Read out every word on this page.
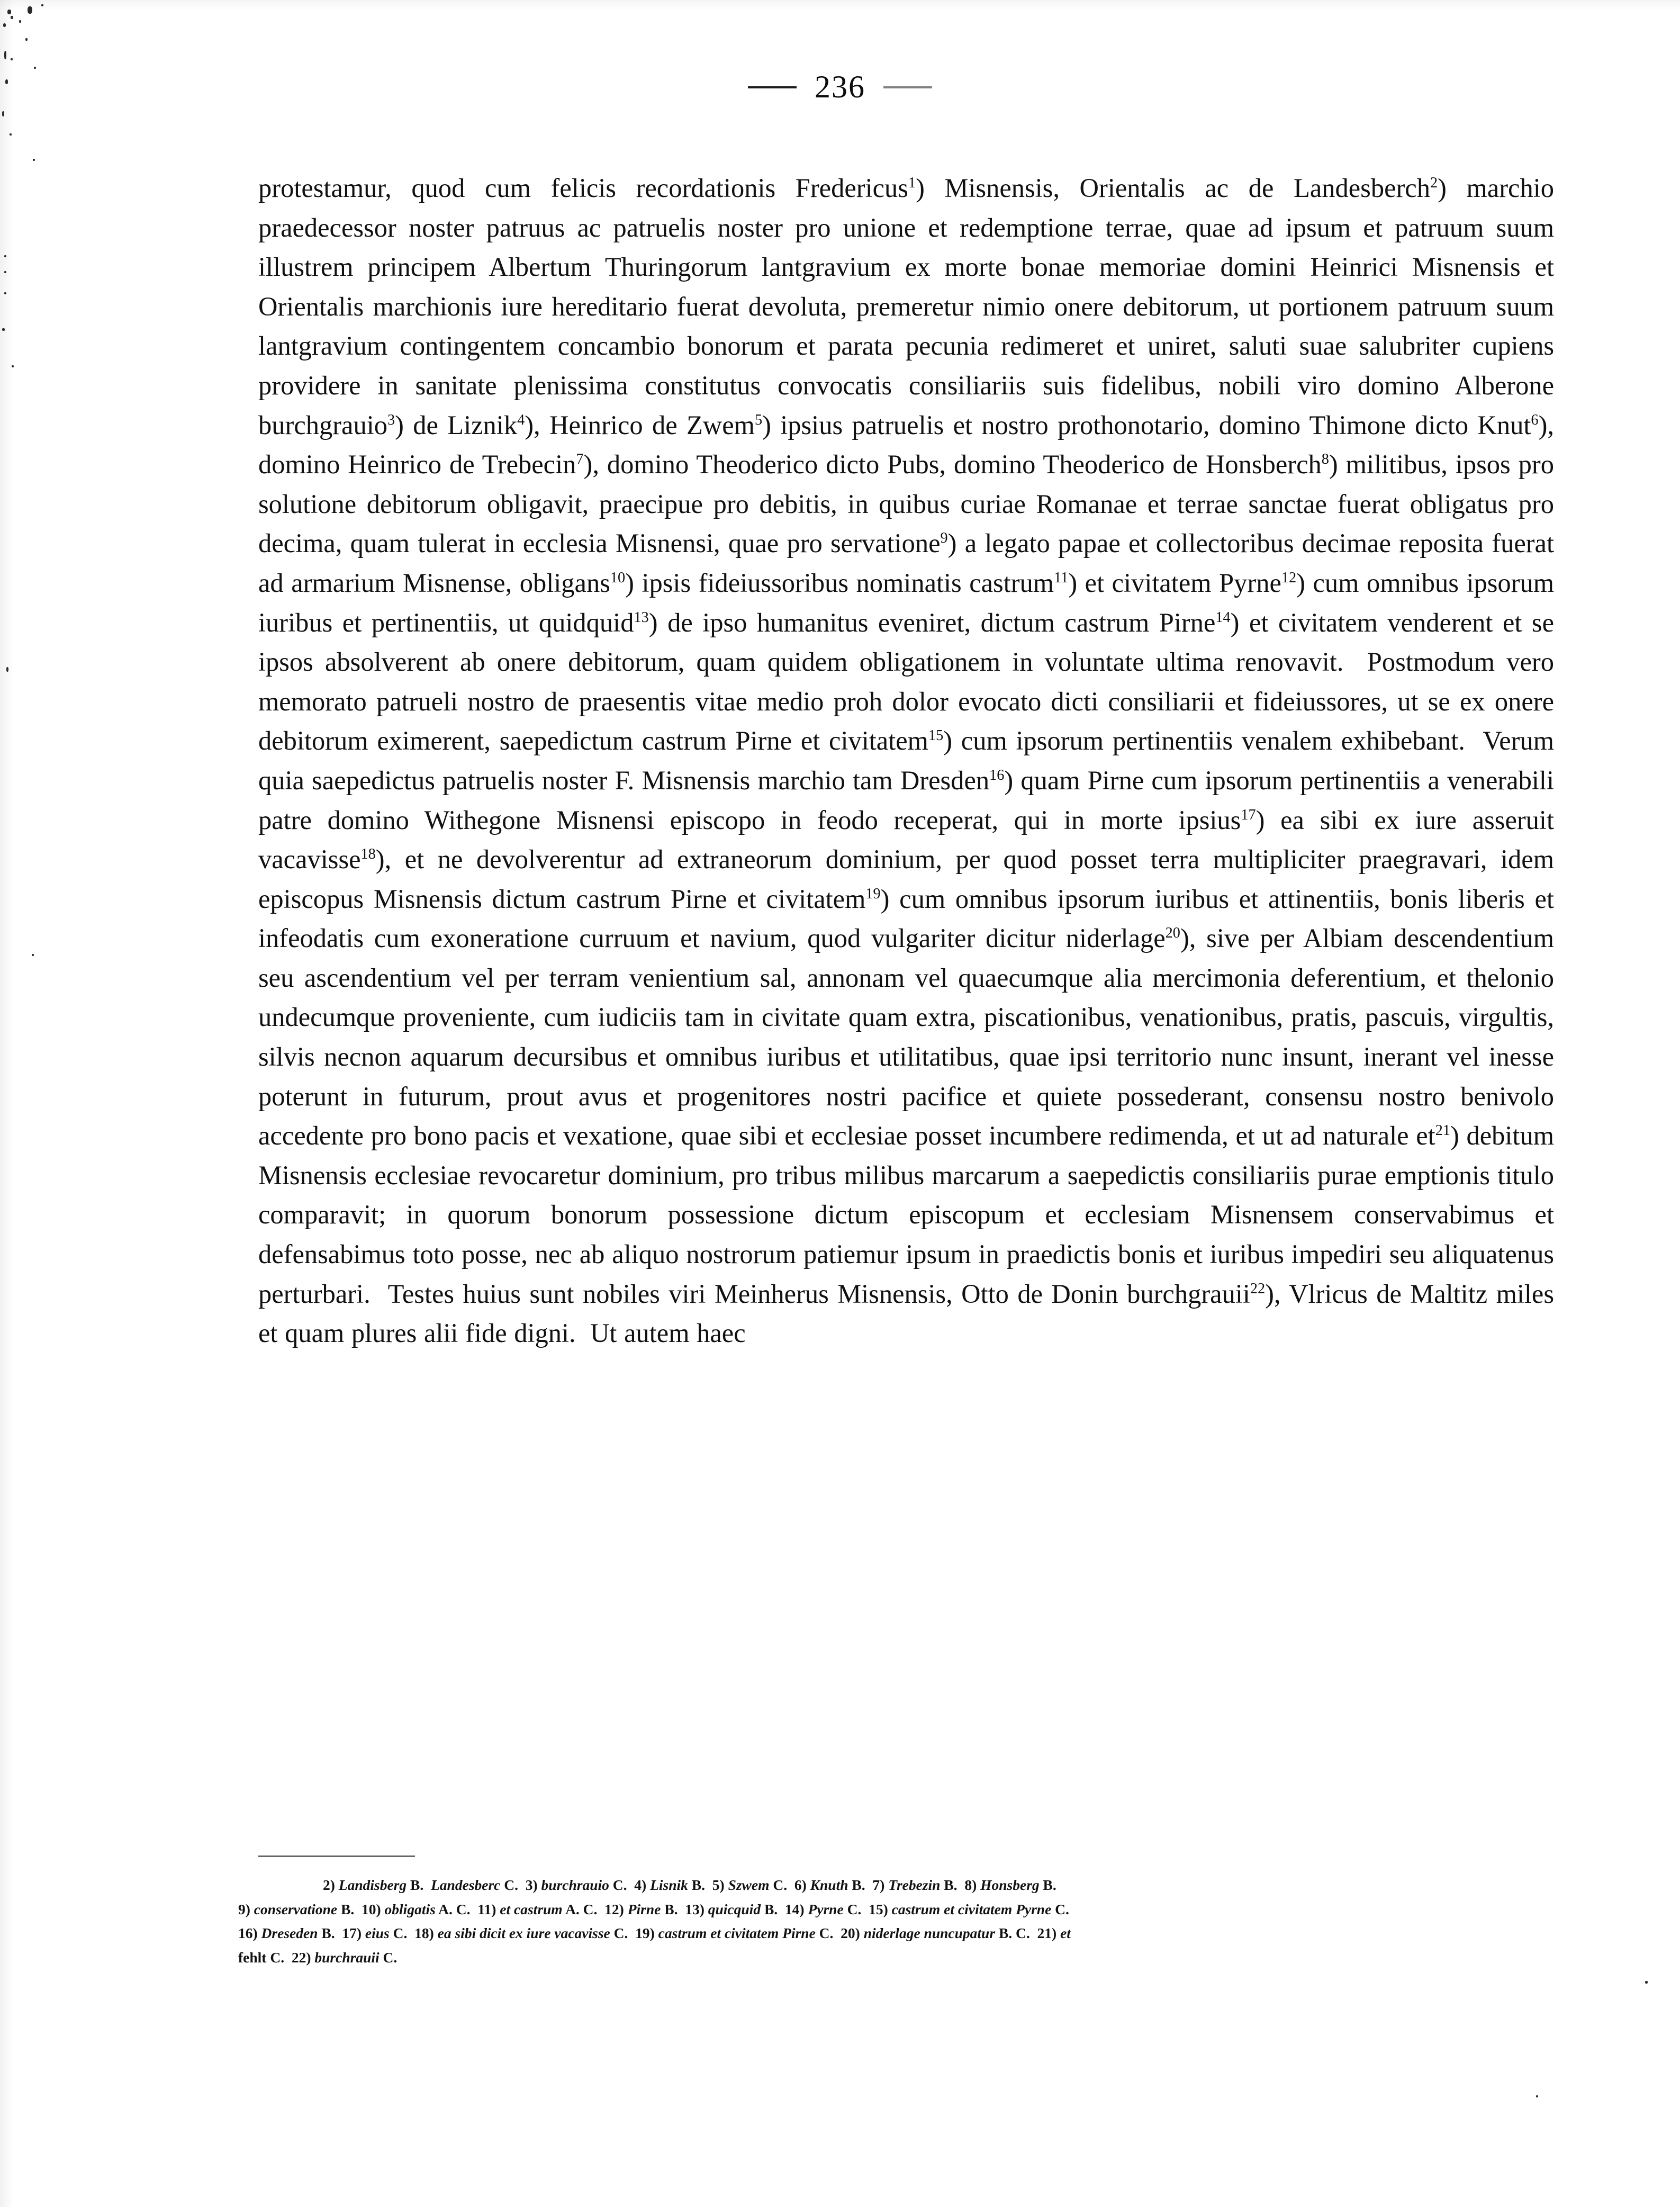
236

protestamur, quod cum felicis recordationis Fredericus$^1$) Misnensis, Orientalis ac de Landesberch$^2$) marchio praedecessor noster patruus ac patruelis noster pro unione et redemptione terrae, quae ad ipsum et patruum suum illustrem principem Albertum Thuringorum lantgravium ex morte bonae memoriae domini Heinrici Misnensis et Orientalis marchionis iure hereditario fuerat devoluta, premeretur nimio onere debitorum, ut portionem patruum suum lantgravium contingentem concambio bonorum et parata pecunia redimeret et uniret, saluti suae salubriter cupiens providere in sanitate plenissima constitutus convocatis consiliariis suis fidelibus, nobili viro domino Alberone burchgrauio$^3$) de Liznik$^4$), Heinrico de Zwem$^5$) ipsius patruelis et nostro prothonotario, domino Thimone dicto Knut$^6$), domino Heinrico de Trebecin$^7$), domino Theoderico dicto Pubs, domino Theoderico de Honsberch$^8$) militibus, ipsos pro solutione debitorum obligavit, praecipue pro debitis, in quibus curiae Romanae et terrae sanctae fuerat obligatus pro decima, quam tulerat in ecclesia Misnensi, quae pro servatione$^9$) a legato papae et collectoribus decimae reposita fuerat ad armarium Misnense, obligans$^{10}$) ipsis fideiussoribus nominatis castrum$^{11}$) et civitatem Pyrne$^{12}$) cum omnibus ipsorum iuribus et pertinentiis, ut quidquid$^{13}$) de ipso humanitus eveniret, dictum castrum Pirne$^{14}$) et civitatem venderent et se ipsos absolverent ab onere debitorum, quam quidem obligationem in voluntate ultima renovavit.  Postmodum vero memorato patrueli nostro de praesentis vitae medio proh dolor evocato dicti consiliarii et fideiussores, ut se ex onere debitorum eximerent, saepedictum castrum Pirne et civitatem$^{15}$) cum ipsorum pertinentiis venalem exhibebant.  Verum quia saepedictus patruelis noster F. Misnensis marchio tam Dresden$^{16}$) quam Pirne cum ipsorum pertinentiis a venerabili patre domino Withegone Misnensi episcopo in feodo receperat, qui in morte ipsius$^{17}$) ea sibi ex iure asseruit vacavisse$^{18}$), et ne devolverentur ad extraneorum dominium, per quod posset terra multipliciter praegravari, idem episcopus Misnensis dictum castrum Pirne et civitatem$^{19}$) cum omnibus ipsorum iuribus et attinentiis, bonis liberis et infeodatis cum exoneratione curruum et navium, quod vulgariter dicitur niderlage$^{20}$), sive per Albiam descendentium seu ascendentium vel per terram venientium sal, annonam vel quaecumque alia mercimonia deferentium, et thelonio undecumque proveniente, cum iudiciis tam in civitate quam extra, piscationibus, venationibus, pratis, pascuis, virgultis, silvis necnon aquarum decursibus et omnibus iuribus et utilitatibus, quae ipsi territorio nunc insunt, inerant vel inesse poterunt in futurum, prout avus et progenitores nostri pacifice et quiete possederant, consensu nostro benivolo accedente pro bono pacis et vexatione, quae sibi et ecclesiae posset incumbere redimenda, et ut ad naturale et$^{21}$) debitum Misnensis ecclesiae revocaretur dominium, pro tribus milibus marcarum a saepedictis consiliariis purae emptionis titulo comparavit; in quorum bonorum possessione dictum episcopum et ecclesiam Misnensem conservabimus et defensabimus toto posse, nec ab aliquo nostrorum patiemur ipsum in praedictis bonis et iuribus impediri seu aliquatenus perturbari.  Testes huius sunt nobiles viri Meinherus Misnensis, Otto de Donin burchgrauii$^{22}$), Vlricus de Maltitz miles et quam plures alii fide digni.  Ut autem haec

2) Landisberg B. Landesberc C. 3) burchrauio C. 4) Lisnik B. 5) Szwem C. 6) Knuth B. 7) Trebezin B. 8) Honsberg B.

9) conservatione B. 10) obligatis A. C. 11) et castrum A. C. 12) Pirne B. 13) quicquid B. 14) Pyrne C. 15) castrum et civitatem Pyrne C.

16) Dreseden B. 17) eius C. 18) ea sibi dicit ex iure vacavisse C. 19) castrum et civitatem Pirne C. 20) niderlage nuncupatur B. C. 21) et

fehlt C. 22) burchrauii C.
